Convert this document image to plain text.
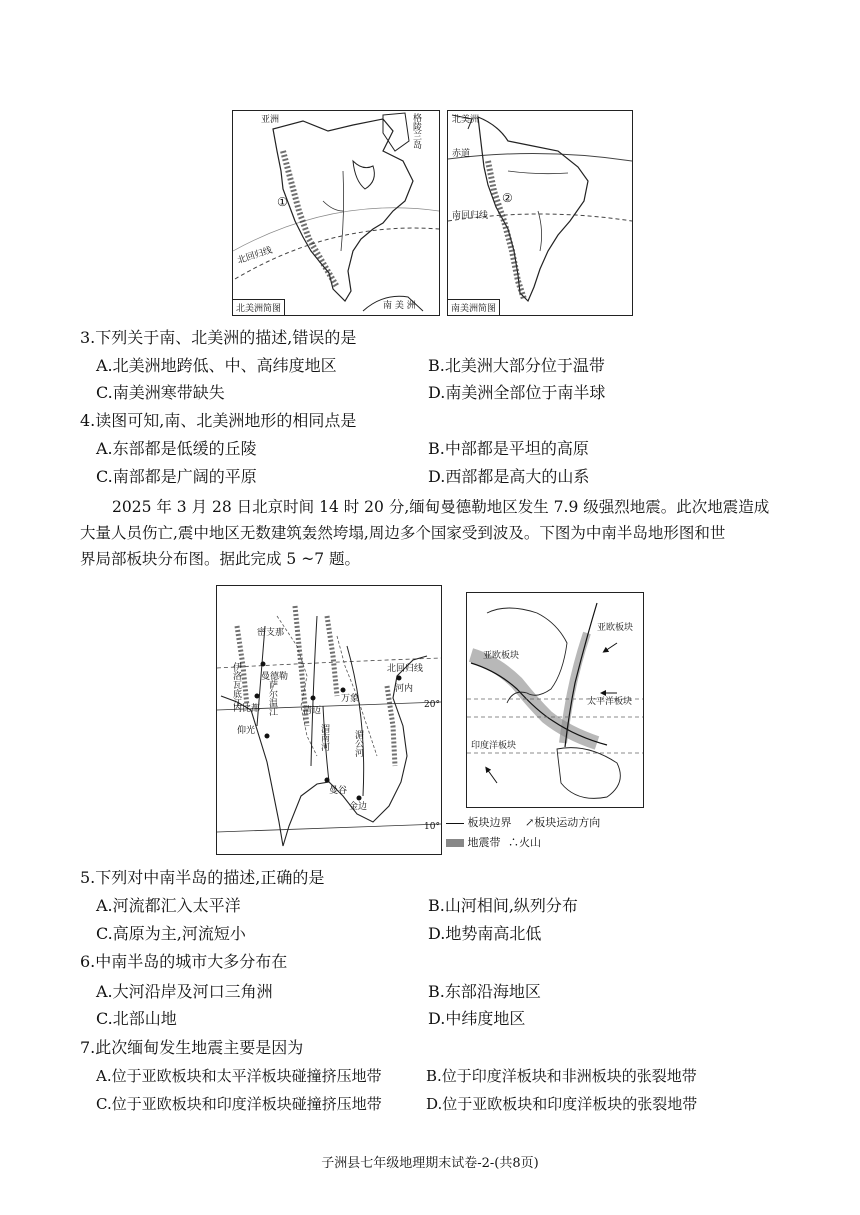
亚洲	格陵兰岛
①
北回归线
南 美 洲
北美洲简图
北美洲
赤道
②
南回归线
南美洲简图
3.下列关于南、北美洲的描述,错误的是
A.北美洲地跨低、中、高纬度地区	B.北美洲大部分位于温带
C.南美洲寒带缺失	D.南美洲全部位于南半球
4.读图可知,南、北美洲地形的相同点是
A.东部都是低缓的丘陵	B.中部都是平坦的高原
C.南部都是广阔的平原	D.西部都是高大的山系
2025 年 3 月 28 日北京时间 14 时 20 分,缅甸曼德勒地区发生 7.9 级强烈地震。此次地震造成
大量人员伤亡,震中地区无数建筑轰然垮塌,周边多个国家受到波及。下图为中南半岛地形图和世
界局部板块分布图。据此完成 5 ~7 题。
密支那
曼德勒
伊洛瓦底江	萨尔温江
内比都
仰光
河内
北回归线
清迈
万象
湄南河	湄公河
曼谷
金边
20°
10°
亚欧板块
太平洋板块
印度洋板块
亚欧板块
板块边界 ↗板块运动方向
地震带 ∴火山
5.下列对中南半岛的描述,正确的是
A.河流都汇入太平洋	B.山河相间,纵列分布
C.高原为主,河流短小	D.地势南高北低
6.中南半岛的城市大多分布在
A.大河沿岸及河口三角洲	B.东部沿海地区
C.北部山地	D.中纬度地区
7.此次缅甸发生地震主要是因为
A.位于亚欧板块和太平洋板块碰撞挤压地带	B.位于印度洋板块和非洲板块的张裂地带
C.位于亚欧板块和印度洋板块碰撞挤压地带	D.位于亚欧板块和印度洋板块的张裂地带
子洲县七年级地理期末试卷-2-(共8页)
